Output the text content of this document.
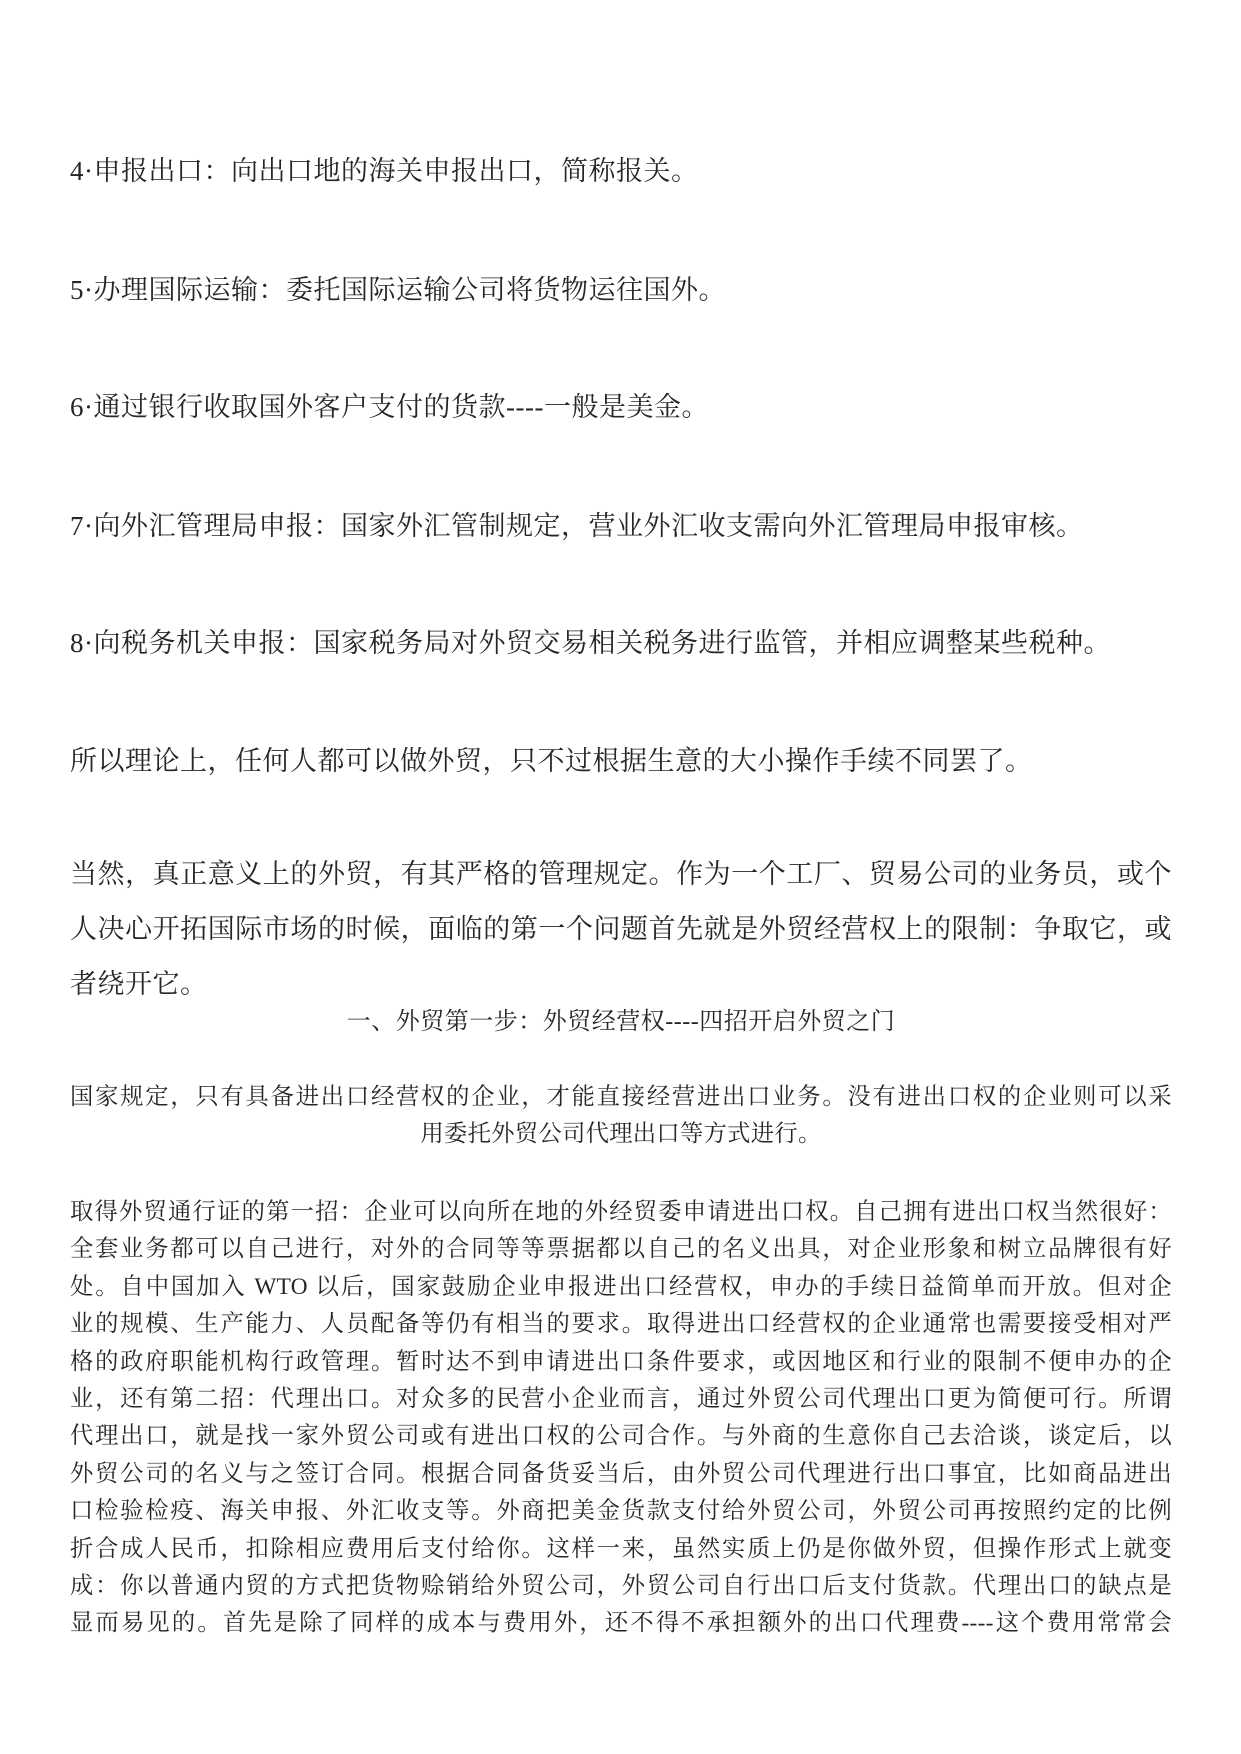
4·申报出口：向出口地的海关申报出口，简称报关。
5·办理国际运输：委托国际运输公司将货物运往国外。
6·通过银行收取国外客户支付的货款----一般是美金。
7·向外汇管理局申报：国家外汇管制规定，营业外汇收支需向外汇管理局申报审核。
8·向税务机关申报：国家税务局对外贸交易相关税务进行监管，并相应调整某些税种。
所以理论上，任何人都可以做外贸，只不过根据生意的大小操作手续不同罢了。
当然，真正意义上的外贸，有其严格的管理规定。作为一个工厂、贸易公司的业务员，或个
人决心开拓国际市场的时候，面临的第一个问题首先就是外贸经营权上的限制：争取它，或
者绕开它。
一、外贸第一步：外贸经营权----四招开启外贸之门
国家规定，只有具备进出口经营权的企业，才能直接经营进出口业务。没有进出口权的企业则可以采
用委托外贸公司代理出口等方式进行。
取得外贸通行证的第一招：企业可以向所在地的外经贸委申请进出口权。自己拥有进出口权当然很好：
全套业务都可以自己进行，对外的合同等等票据都以自己的名义出具，对企业形象和树立品牌很有好
处。自中国加入 WTO 以后，国家鼓励企业申报进出口经营权，申办的手续日益简单而开放。但对企
业的规模、生产能力、人员配备等仍有相当的要求。取得进出口经营权的企业通常也需要接受相对严
格的政府职能机构行政管理。暂时达不到申请进出口条件要求，或因地区和行业的限制不便申办的企
业，还有第二招：代理出口。对众多的民营小企业而言，通过外贸公司代理出口更为简便可行。所谓
代理出口，就是找一家外贸公司或有进出口权的公司合作。与外商的生意你自己去洽谈，谈定后，以
外贸公司的名义与之签订合同。根据合同备货妥当后，由外贸公司代理进行出口事宜，比如商品进出
口检验检疫、海关申报、外汇收支等。外商把美金货款支付给外贸公司，外贸公司再按照约定的比例
折合成人民币，扣除相应费用后支付给你。这样一来，虽然实质上仍是你做外贸，但操作形式上就变
成：你以普通内贸的方式把货物赊销给外贸公司，外贸公司自行出口后支付货款。代理出口的缺点是
显而易见的。首先是除了同样的成本与费用外，还不得不承担额外的出口代理费----这个费用常常会
